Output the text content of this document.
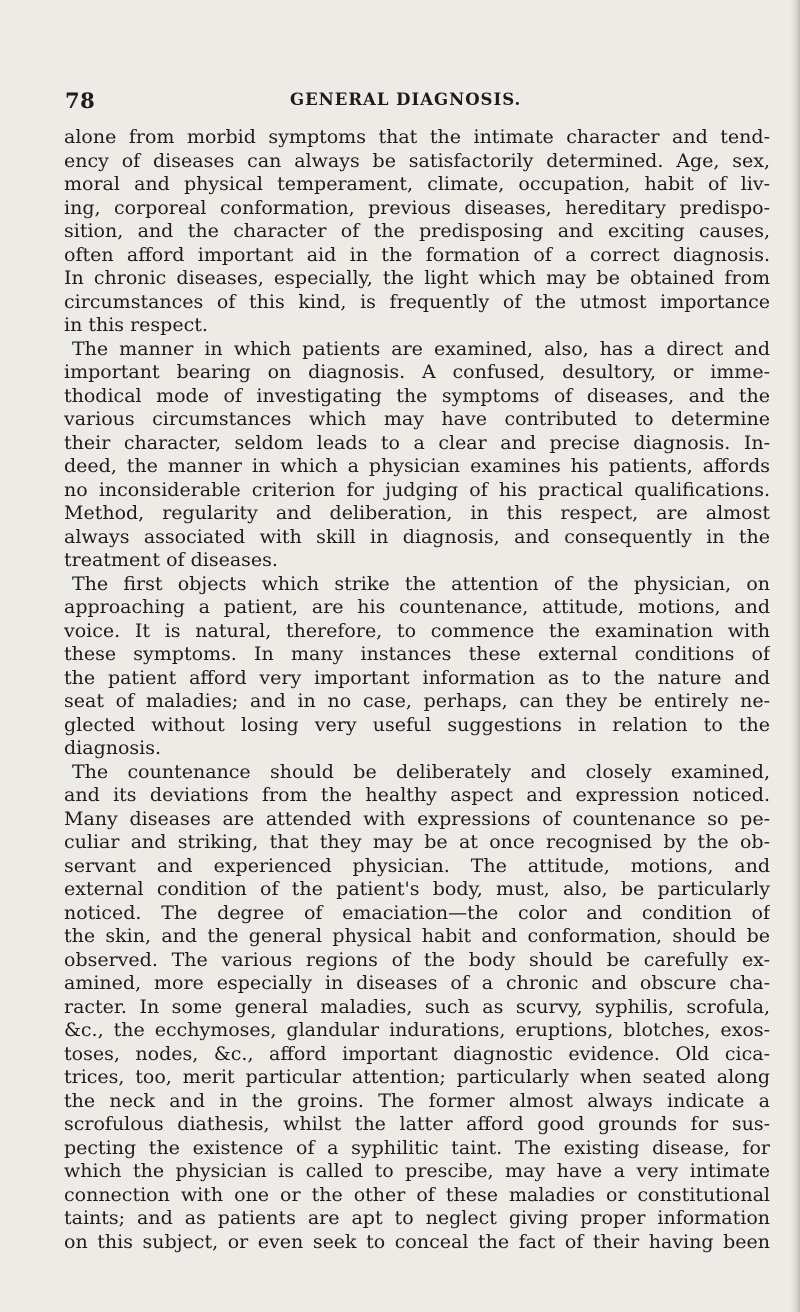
78	GENERAL DIAGNOSIS.
alone from morbid symptoms that the intimate character and tend-
ency of diseases can always be satisfactorily determined. Age, sex,
moral and physical temperament, climate, occupation, habit of liv-
ing, corporeal conformation, previous diseases, hereditary predispo-
sition, and the character of the predisposing and exciting causes,
often afford important aid in the formation of a correct diagnosis.
In chronic diseases, especially, the light which may be obtained from
circumstances of this kind, is frequently of the utmost importance
in this respect.
The manner in which patients are examined, also, has a direct and
important bearing on diagnosis. A confused, desultory, or imme-
thodical mode of investigating the symptoms of diseases, and the
various circumstances which may have contributed to determine
their character, seldom leads to a clear and precise diagnosis. In-
deed, the manner in which a physician examines his patients, affords
no inconsiderable criterion for judging of his practical qualifications.
Method, regularity and deliberation, in this respect, are almost
always associated with skill in diagnosis, and consequently in the
treatment of diseases.
The first objects which strike the attention of the physician, on
approaching a patient, are his countenance, attitude, motions, and
voice. It is natural, therefore, to commence the examination with
these symptoms. In many instances these external conditions of
the patient afford very important information as to the nature and
seat of maladies; and in no case, perhaps, can they be entirely ne-
glected without losing very useful suggestions in relation to the
diagnosis.
The countenance should be deliberately and closely examined,
and its deviations from the healthy aspect and expression noticed.
Many diseases are attended with expressions of countenance so pe-
culiar and striking, that they may be at once recognised by the ob-
servant and experienced physician. The attitude, motions, and
external condition of the patient's body, must, also, be particularly
noticed. The degree of emaciation—the color and condition of
the skin, and the general physical habit and conformation, should be
observed. The various regions of the body should be carefully ex-
amined, more especially in diseases of a chronic and obscure cha-
racter. In some general maladies, such as scurvy, syphilis, scrofula,
&c., the ecchymoses, glandular indurations, eruptions, blotches, exos-
toses, nodes, &c., afford important diagnostic evidence. Old cica-
trices, too, merit particular attention; particularly when seated along
the neck and in the groins. The former almost always indicate a
scrofulous diathesis, whilst the latter afford good grounds for sus-
pecting the existence of a syphilitic taint. The existing disease, for
which the physician is called to prescibe, may have a very intimate
connection with one or the other of these maladies or constitutional
taints; and as patients are apt to neglect giving proper information
on this subject, or even seek to conceal the fact of their having been
